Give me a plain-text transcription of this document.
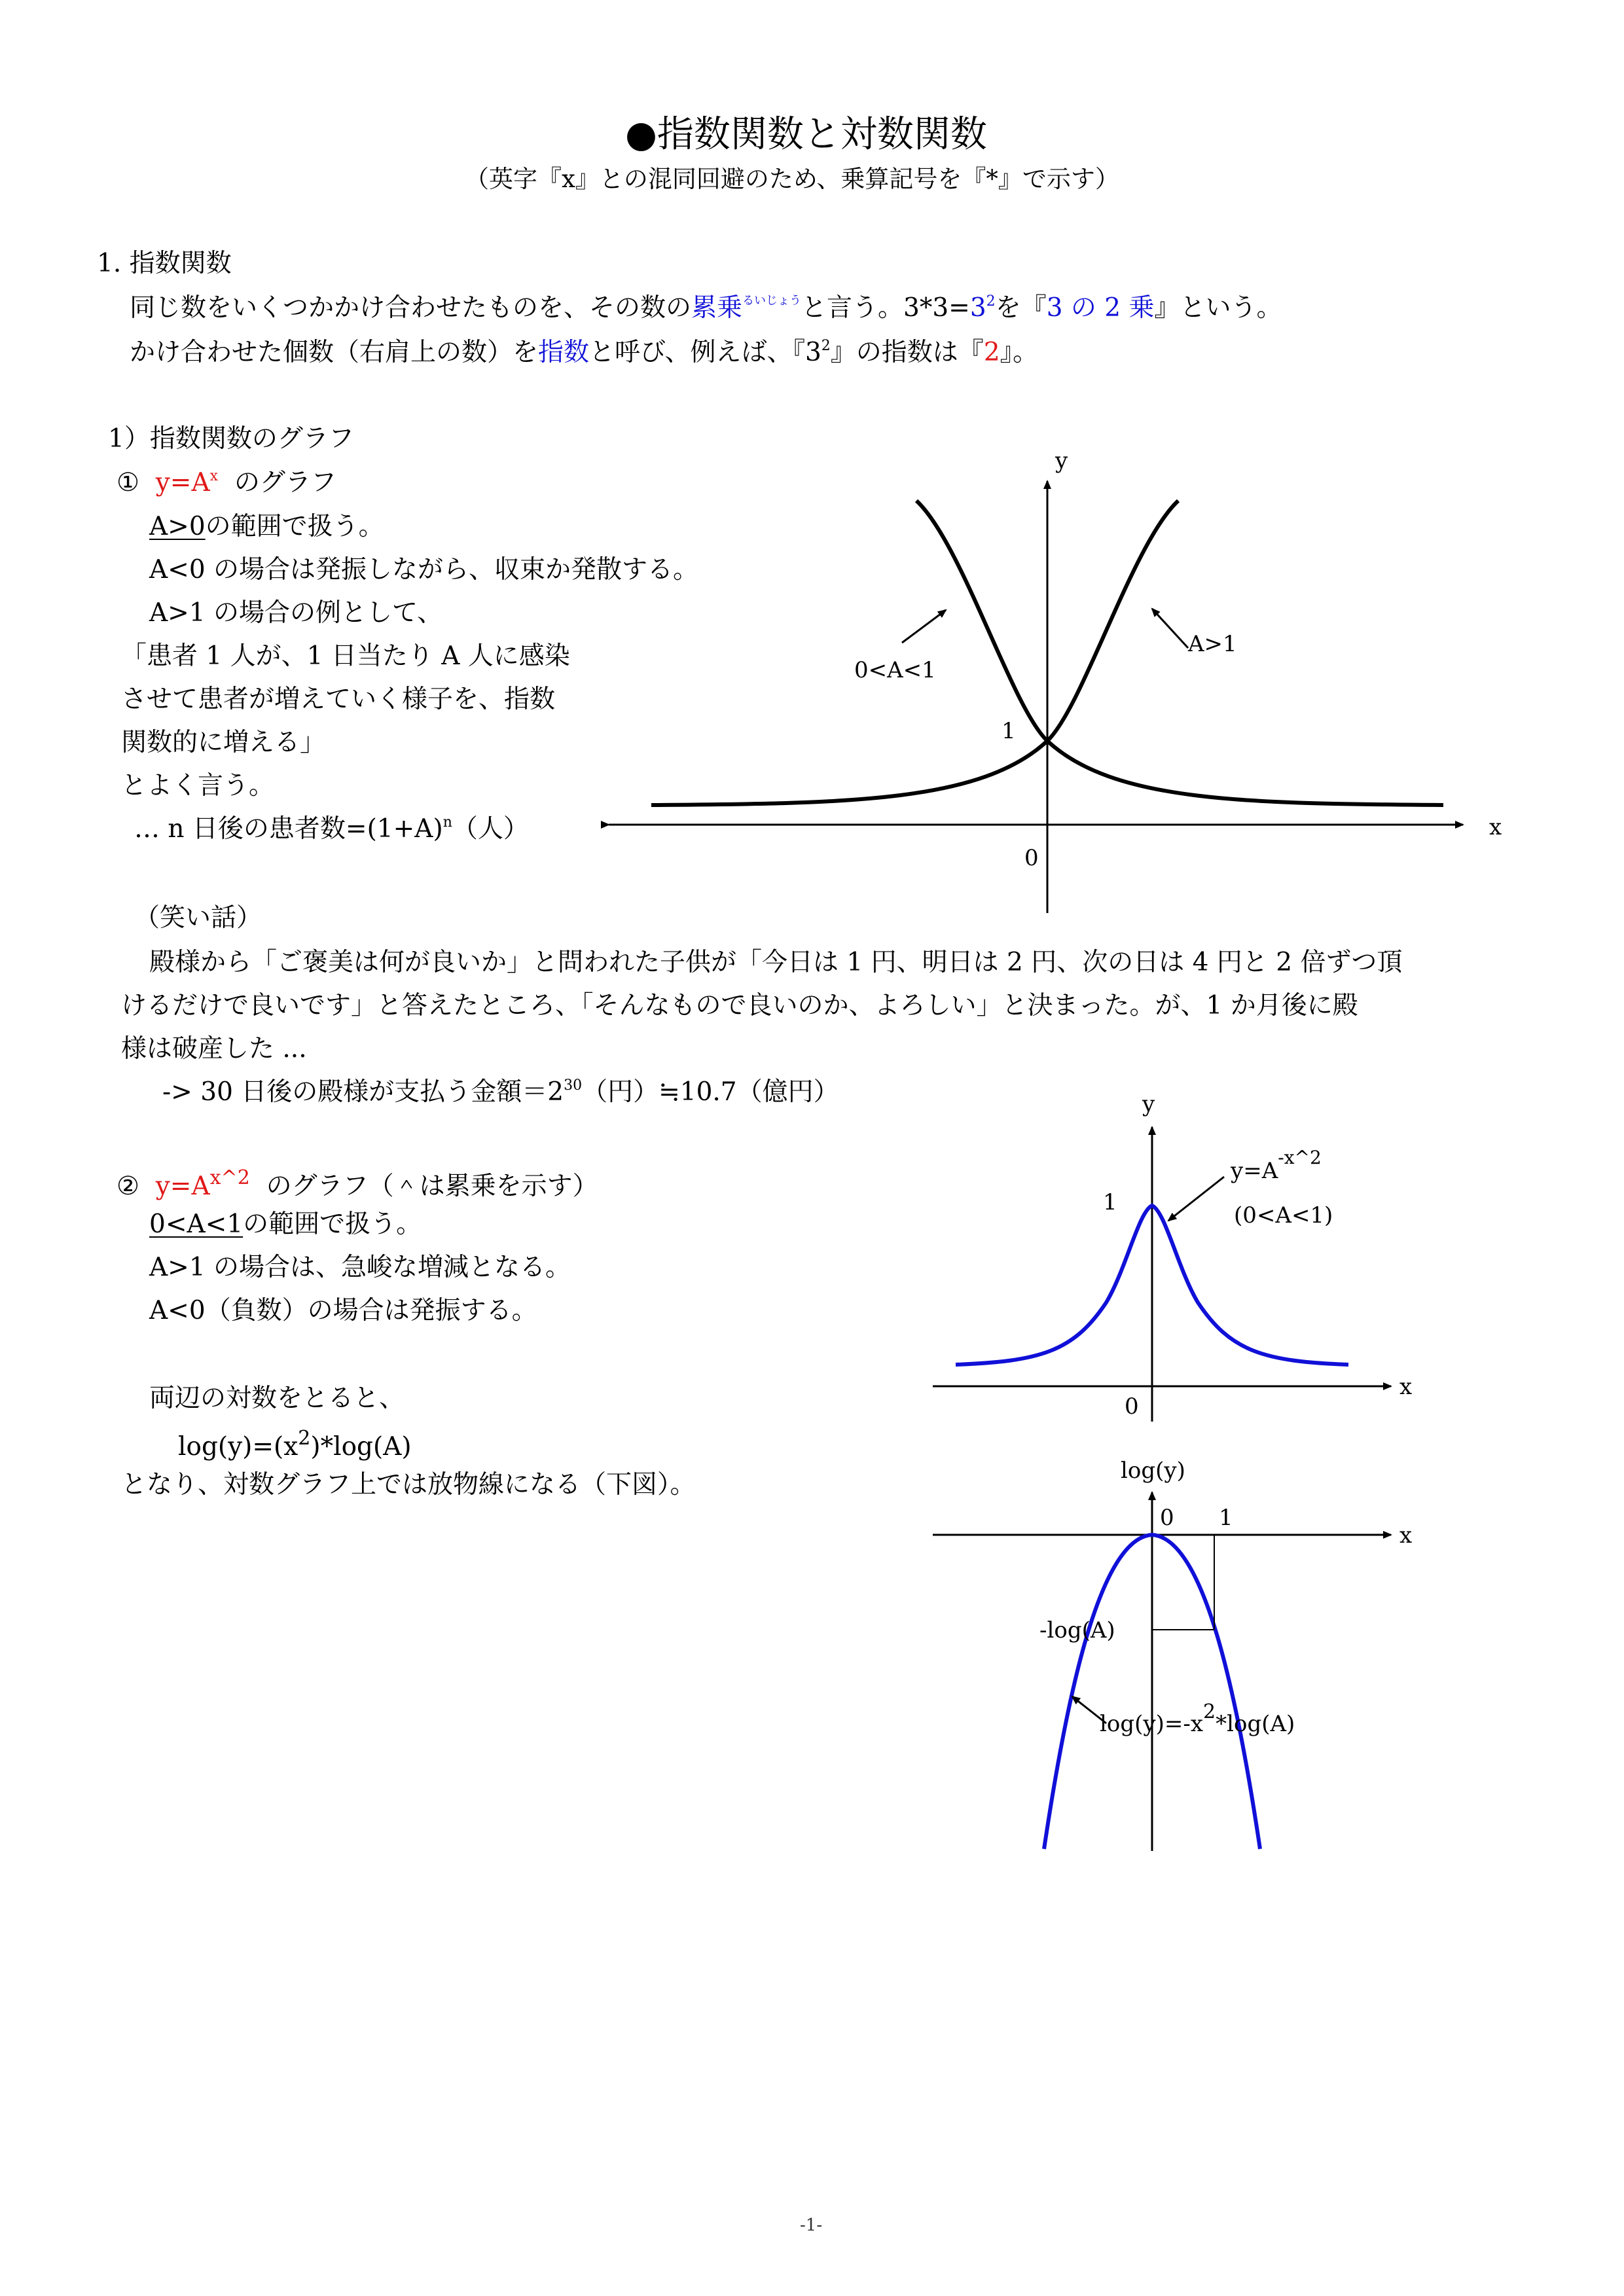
●指数関数と対数関数
（英字『x』との混同回避のため、乗算記号を『*』で示す）
1. 指数関数
同じ数をいくつかかけ合わせたものを、その数の累乗$^{るいじょう}$と言う。$3*3=3^2$を『3 の 2 乗』という。
かけ合わせた個数（右肩上の数）を指数と呼び、例えば、『$3^2$』の指数は『2』。
1）指数関数のグラフ
① $y=A^x$ のグラフ
A>0の範囲で扱う。
A<0 の場合は発振しながら、収束か発散する。
A>1 の場合の例として、
「患者 1 人が、1 日当たり A 人に感染
させて患者が増えていく様子を、指数
関数的に増える」
とよく言う。
… n 日後の患者数$=(1+A)^n$（人）
y
x
0
1
0<A<1
A>1
（笑い話）
殿様から「ご褒美は何が良いか」と問われた子供が「今日は 1 円、明日は 2 円、次の日は 4 円と 2 倍ずつ頂
けるだけで良いです」と答えたところ、「そんなもので良いのか、よろしい」と決まった。が、1 か月後に殿
様は破産した ...
-> 30 日後の殿様が支払う金額$=2^{30}$（円）≒10.7（億円）
② $y=A^{x\^{}2}$ のグラフ（＾は累乗を示す）
0<A<1の範囲で扱う。
A>1 の場合は、急峻な増減となる。
A<0（負数）の場合は発振する。
両辺の対数をとると、
$\log(y)=(x^2)*\log(A)$
となり、対数グラフ上では放物線になる（下図）。
y
x
0
1
$y=A^{-x\^{}2}$
(0<A<1)
log(y)
x
0 1
-log(A)
log(y)=-x2*log(A)
-1-
